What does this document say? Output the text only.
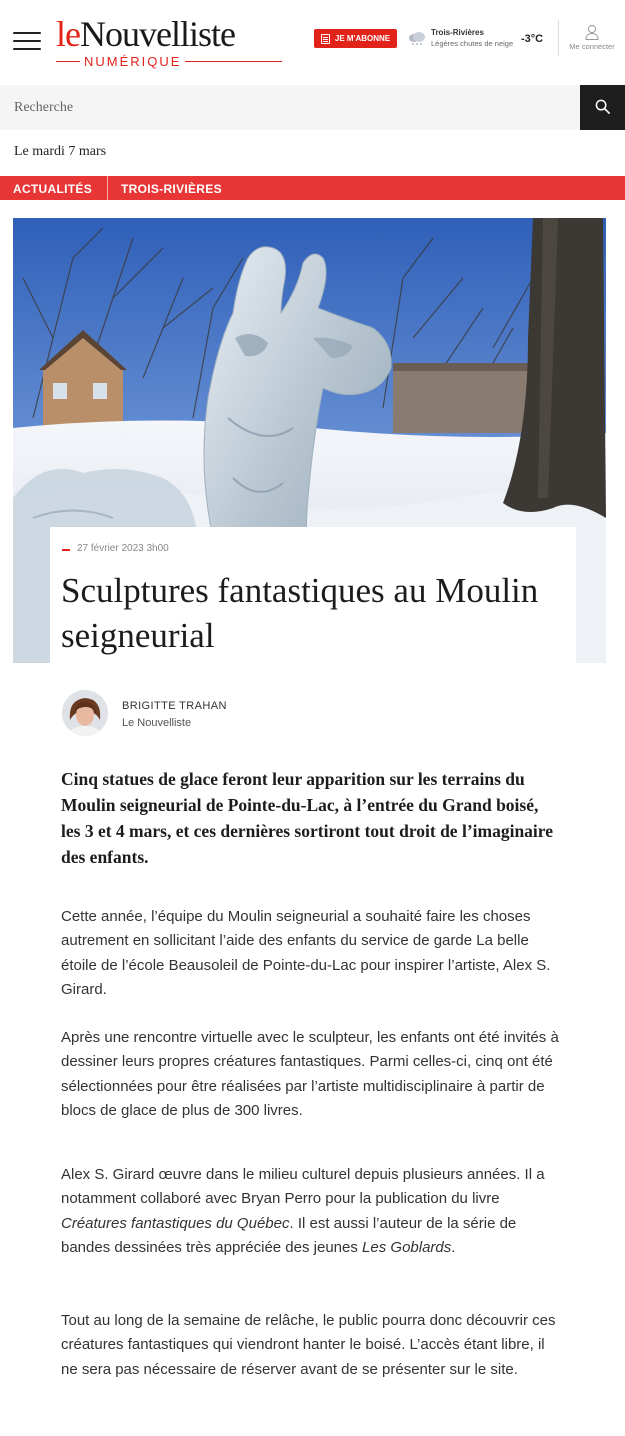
leNouvelliste
NUMÉRIQUE
JE M'ABONNE
Trois-Rivières
Légères chutes de neige -3°C
Me connecter
Recherche
Le mardi 7 mars
ACTUALITÉS TROIS-RIVIÈRES
27 février 2023 3h00
Sculptures fantastiques au Moulin seigneurial
BRIGITTE TRAHAN
Le Nouvelliste

Cinq statues de glace feront leur apparition sur les terrains du Moulin seigneurial de Pointe-du-Lac, à l’entrée du Grand boisé, les 3 et 4 mars, et ces dernières sortiront tout droit de l’imaginaire des enfants.

Cette année, l’équipe du Moulin seigneurial a souhaité faire les choses autrement en sollicitant l’aide des enfants du service de garde La belle étoile de l’école Beausoleil de Pointe-du-Lac pour inspirer l’artiste, Alex S. Girard.

Après une rencontre virtuelle avec le sculpteur, les enfants ont été invités à dessiner leurs propres créatures fantastiques. Parmi celles-ci, cinq ont été sélectionnées pour être réalisées par l’artiste multidisciplinaire à partir de blocs de glace de plus de 300 livres.

Alex S. Girard œuvre dans le milieu culturel depuis plusieurs années. Il a notamment collaboré avec Bryan Perro pour la publication du livre Créatures fantastiques du Québec. Il est aussi l’auteur de la série de bandes dessinées très appréciée des jeunes Les Goblards.

Tout au long de la semaine de relâche, le public pourra donc découvrir ces créatures fantastiques qui viendront hanter le boisé. L’accès étant libre, il ne sera pas nécessaire de réserver avant de se présenter sur le site.
